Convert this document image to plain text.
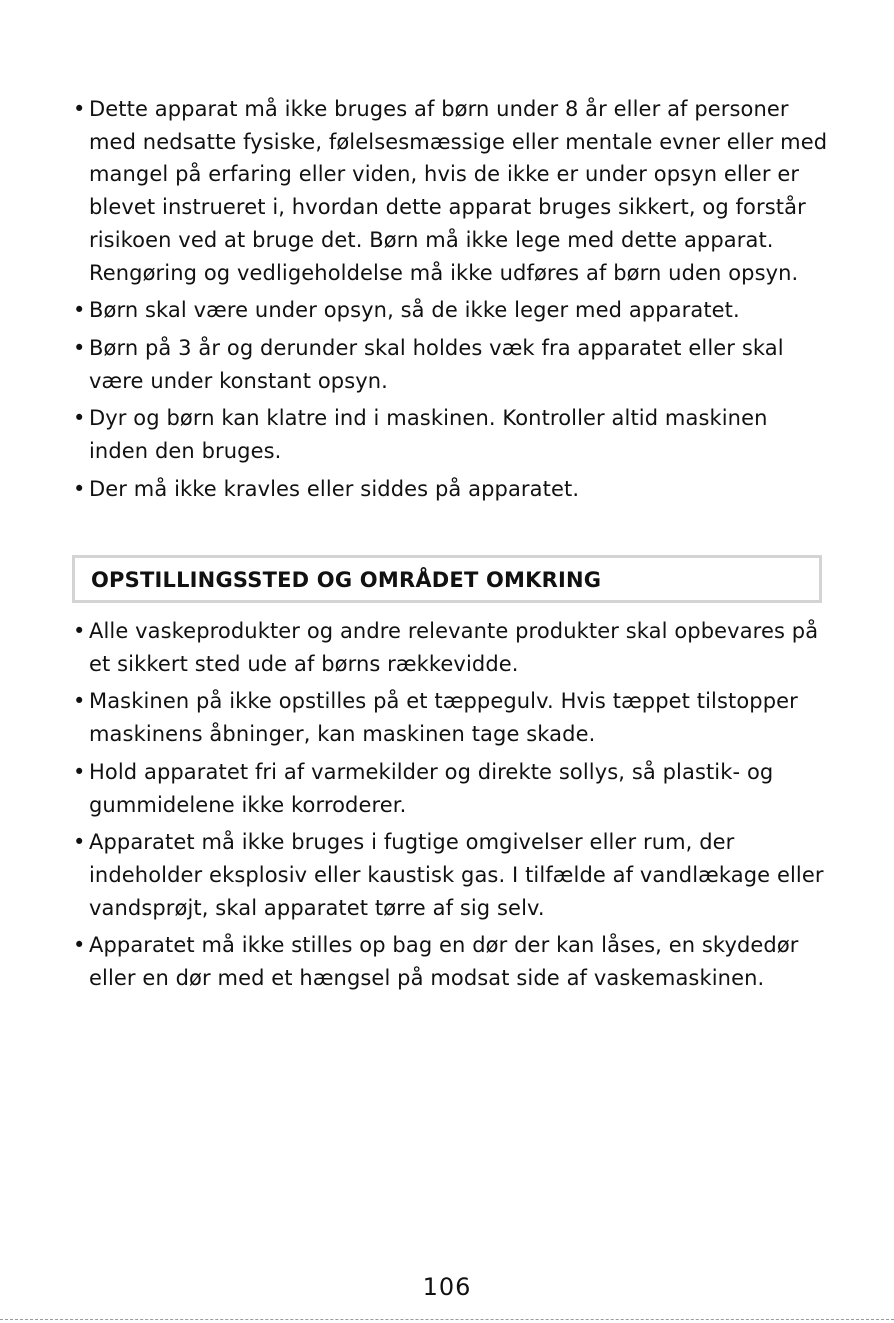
• Dette apparat må ikke bruges af børn under 8 år eller af personer med nedsatte fysiske, følelsesmæssige eller mentale evner eller med mangel på erfaring eller viden, hvis de ikke er under opsyn eller er blevet instrueret i, hvordan dette apparat bruges sikkert, og forstår risikoen ved at bruge det. Børn må ikke lege med dette apparat. Rengøring og vedligeholdelse må ikke udføres af børn uden opsyn.
• Børn skal være under opsyn, så de ikke leger med apparatet.
• Børn på 3 år og derunder skal holdes væk fra apparatet eller skal være under konstant opsyn.
• Dyr og børn kan klatre ind i maskinen. Kontroller altid maskinen inden den bruges.
• Der må ikke kravles eller siddes på apparatet.
OPSTILLINGSSTED OG OMRÅDET OMKRING
• Alle vaskeprodukter og andre relevante produkter skal opbevares på et sikkert sted ude af børns rækkevidde.
• Maskinen på ikke opstilles på et tæppegulv. Hvis tæppet tilstopper maskinens åbninger, kan maskinen tage skade.
• Hold apparatet fri af varmekilder og direkte sollys, så plastik- og gummidelene ikke korroderer.
• Apparatet må ikke bruges i fugtige omgivelser eller rum, der indeholder eksplosiv eller kaustisk gas. I tilfælde af vandlækage eller vandsprøjt, skal apparatet tørre af sig selv.
• Apparatet må ikke stilles op bag en dør der kan låses, en skydedør eller en dør med et hængsel på modsat side af vaskemaskinen.
106
